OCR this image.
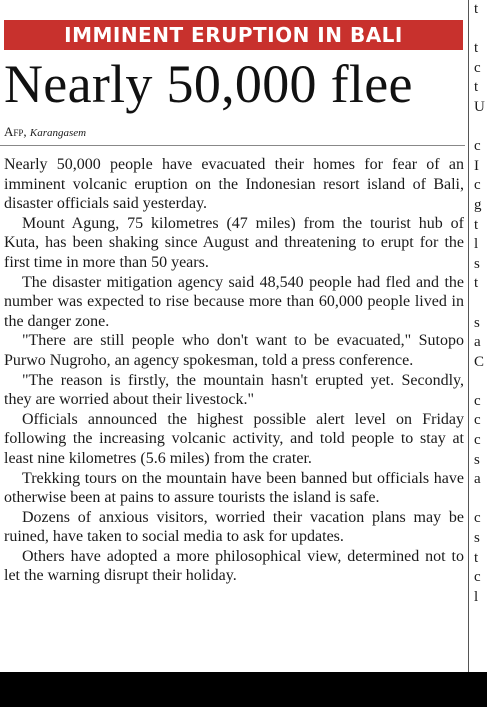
IMMINENT ERUPTION IN BALI
Nearly 50,000 flee
Afp, Karangasem

Nearly 50,000 people have evacuated their homes for fear of an imminent volcanic eruption on the Indonesian resort island of Bali, disaster officials said yesterday.

Mount Agung, 75 kilometres (47 miles) from the tourist hub of Kuta, has been shaking since August and threatening to erupt for the first time in more than 50 years.

The disaster mitigation agency said 48,540 people had fled and the number was expected to rise because more than 60,000 people lived in the danger zone.

"There are still people who don't want to be evacuated," Sutopo Purwo Nugroho, an agency spokesman, told a press conference.

"The reason is firstly, the mountain hasn't erupted yet. Secondly, they are worried about their livestock."

Officials announced the highest possible alert level on Friday following the increasing volcanic activity, and told people to stay at least nine kilometres (5.6 miles) from the crater.

Trekking tours on the mountain have been banned but officials have otherwise been at pains to assure tourists the island is safe.

Dozens of anxious visitors, worried their vacation plans may be ruined, have taken to social media to ask for updates.

Others have adopted a more philosophical view, determined not to let the warning disrupt their holiday.

t
t
c
t
U
c
I
c
g
t
l
s
t
s
a
C
c
c
c
s
a
c
s
t
c
l
